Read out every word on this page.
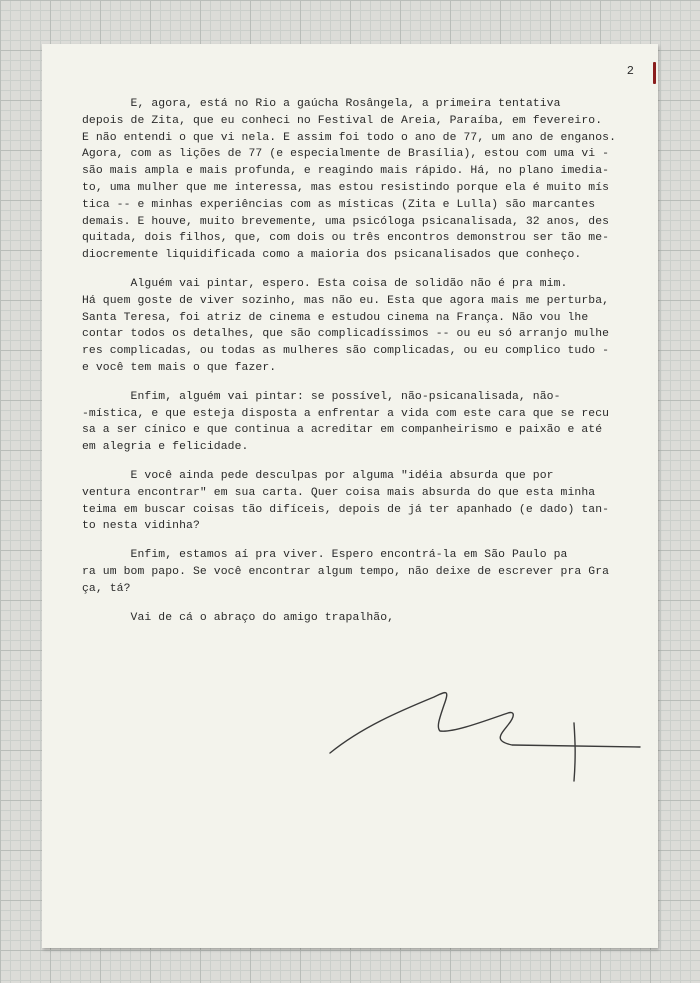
2

E, agora, está no Rio a gaúcha Rosângela, a primeira tentativa
depois de Zita, que eu conheci no Festival de Areia, Paraíba, em fevereiro.
E não entendi o que vi nela. E assim foi todo o ano de 77, um ano de enganos.
Agora, com as lições de 77 (e especialmente de Brasília), estou com uma vi -
são mais ampla e mais profunda, e reagindo mais rápido. Há, no plano imedia-
to, uma mulher que me interessa, mas estou resistindo porque ela é muito mís
tica -- e minhas experiências com as místicas (Zita e Lulla) são marcantes
demais. E houve, muito brevemente, uma psicóloga psicanalisada, 32 anos, des
quitada, dois filhos, que, com dois ou três encontros demonstrou ser tão me-
diocremente liquidificada como a maioria dos psicanalisados que conheço.

Alguém vai pintar, espero. Esta coisa de solidão não é pra mim.
Há quem goste de viver sozinho, mas não eu. Esta que agora mais me perturba,
Santa Teresa, foi atriz de cinema e estudou cinema na França. Não vou lhe
contar todos os detalhes, que são complicadíssimos -- ou eu só arranjo mulhe
res complicadas, ou todas as mulheres são complicadas, ou eu complico tudo -
e você tem mais o que fazer.

Enfim, alguém vai pintar: se possível, não-psicanalisada, não-
-mística, e que esteja disposta a enfrentar a vida com este cara que se recu
sa a ser cínico e que continua a acreditar em companheirismo e paixão e até
em alegria e felicidade.

E você ainda pede desculpas por alguma "idéia absurda que por
ventura encontrar" em sua carta. Quer coisa mais absurda do que esta minha
teima em buscar coisas tão difíceis, depois de já ter apanhado (e dado) tan-
to nesta vidinha?

Enfim, estamos aí pra viver. Espero encontrá-la em São Paulo pa
ra um bom papo. Se você encontrar algum tempo, não deixe de escrever pra Gra
ça, tá?

Vai de cá o abraço do amigo trapalhão,
